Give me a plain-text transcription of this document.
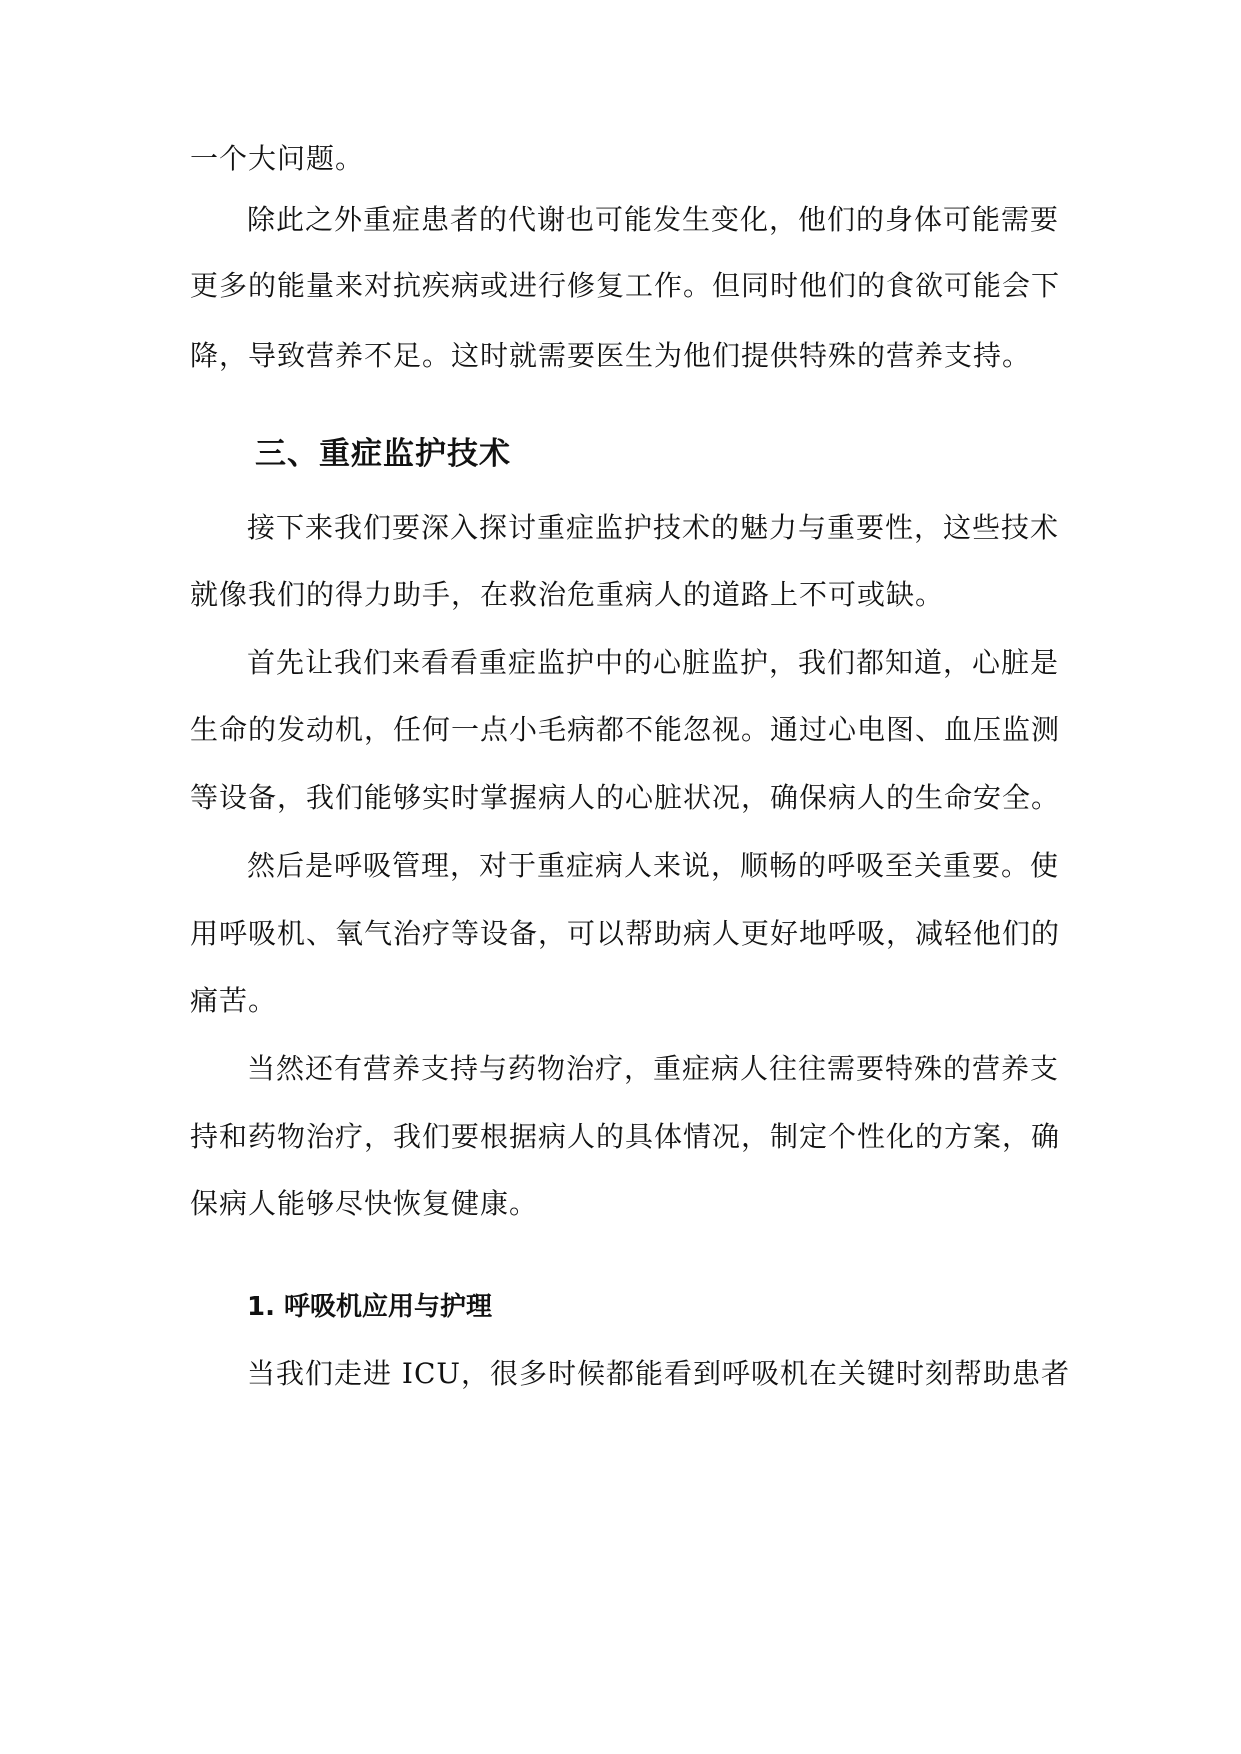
一个大问题。
除此之外重症患者的代谢也可能发生变化，他们的身体可能需要
更多的能量来对抗疾病或进行修复工作。但同时他们的食欲可能会下
降，导致营养不足。这时就需要医生为他们提供特殊的营养支持。
三、重症监护技术
接下来我们要深入探讨重症监护技术的魅力与重要性，这些技术
就像我们的得力助手，在救治危重病人的道路上不可或缺。
首先让我们来看看重症监护中的心脏监护，我们都知道，心脏是
生命的发动机，任何一点小毛病都不能忽视。通过心电图、血压监测
等设备，我们能够实时掌握病人的心脏状况，确保病人的生命安全。
然后是呼吸管理，对于重症病人来说，顺畅的呼吸至关重要。使
用呼吸机、氧气治疗等设备，可以帮助病人更好地呼吸，减轻他们的
痛苦。
当然还有营养支持与药物治疗，重症病人往往需要特殊的营养支
持和药物治疗，我们要根据病人的具体情况，制定个性化的方案，确
保病人能够尽快恢复健康。
1. 呼吸机应用与护理
当我们走进 ICU，很多时候都能看到呼吸机在关键时刻帮助患者
